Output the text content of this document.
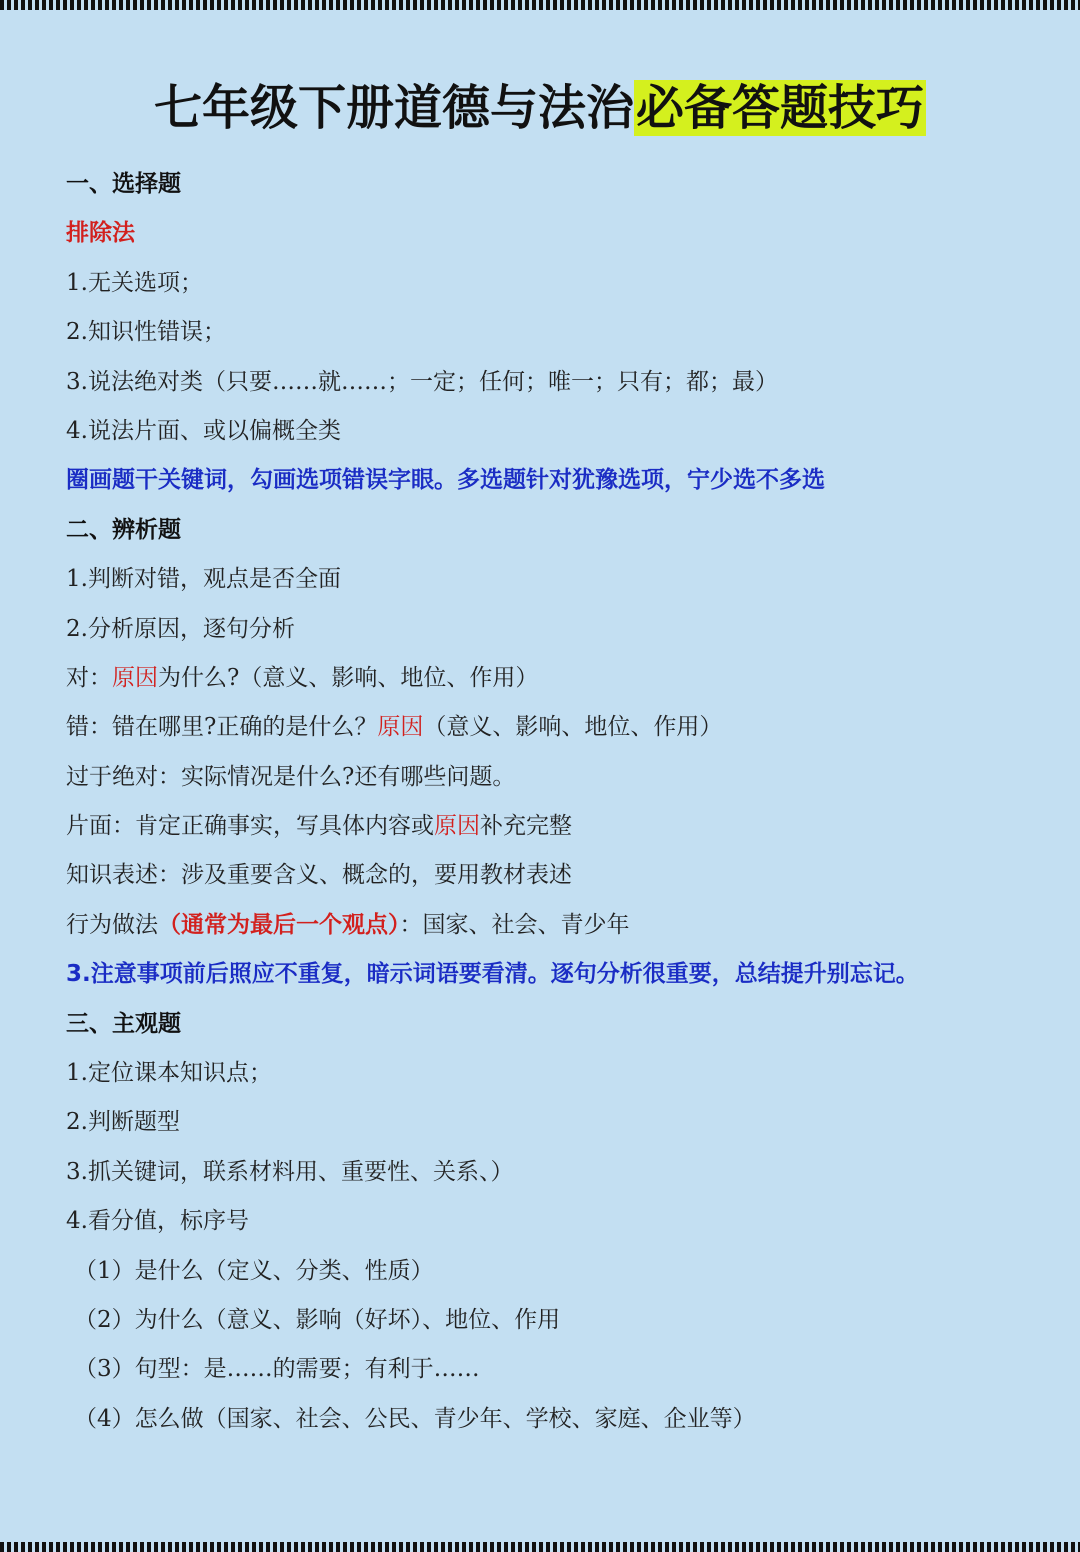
七年级下册道德与法治必备答题技巧
一、选择题
排除法
1.无关选项；
2.知识性错误；
3.说法绝对类（只要……就……；一定；任何；唯一；只有；都；最）
4.说法片面、或以偏概全类
圈画题干关键词，勾画选项错误字眼。多选题针对犹豫选项，宁少选不多选
二、辨析题
1.判断对错，观点是否全面
2.分析原因，逐句分析
对：原因为什么?（意义、影响、地位、作用）
错：错在哪里?正确的是什么？原因（意义、影响、地位、作用）
过于绝对：实际情况是什么?还有哪些问题。
片面：肯定正确事实，写具体内容或原因补充完整
知识表述：涉及重要含义、概念的，要用教材表述
行为做法（通常为最后一个观点）：国家、社会、青少年
3.注意事项前后照应不重复，暗示词语要看清。逐句分析很重要，总结提升别忘记。
三、主观题
1.定位课本知识点；
2.判断题型
3.抓关键词，联系材料用、重要性、关系、）
4.看分值，标序号
（1）是什么（定义、分类、性质）
（2）为什么（意义、影响（好坏）、地位、作用
（3）句型：是……的需要；有利于……
（4）怎么做（国家、社会、公民、青少年、学校、家庭、企业等）
